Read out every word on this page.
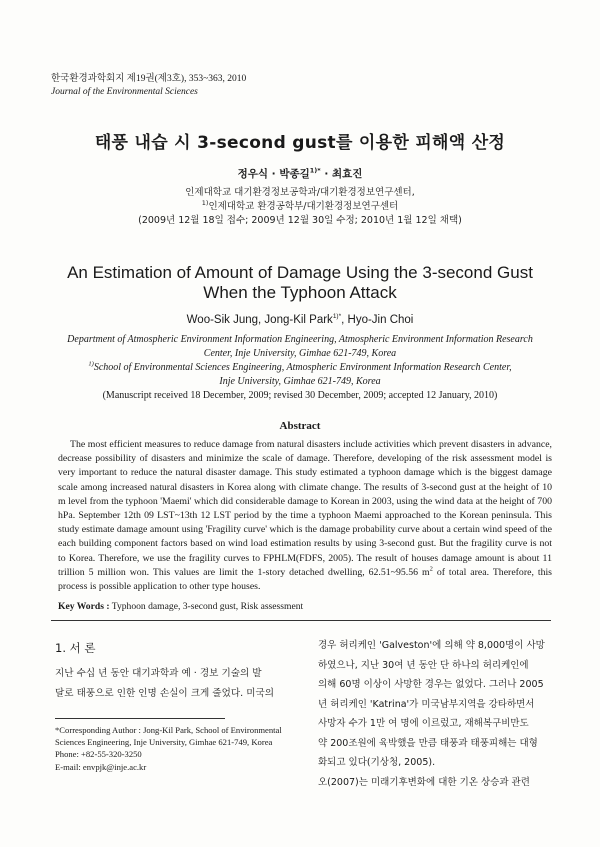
한국환경과학회지 제19권(제3호), 353~363, 2010
Journal of the Environmental Sciences
태풍 내습 시 3-second gust를 이용한 피해액 산정
정우식 · 박종길$^{1)*}$ · 최효진
인제대학교 대기환경정보공학과/대기환경정보연구센터,
$^{1)}$인제대학교 환경공학부/대기환경정보연구센터
(2009년 12월 18일 접수; 2009년 12월 30일 수정; 2010년 1월 12일 채택)
An Estimation of Amount of Damage Using the 3-second Gust
When the Typhoon Attack
Woo-Sik Jung, Jong-Kil Park$^{1)*}$, Hyo-Jin Choi
Department of Atmospheric Environment Information Engineering, Atmospheric Environment Information Research
Center, Inje University, Gimhae 621-749, Korea
$^{1)}$School of Environmental Sciences Engineering, Atmospheric Environment Information Research Center,
Inje University, Gimhae 621-749, Korea
(Manuscript received 18 December, 2009; revised 30 December, 2009; accepted 12 January, 2010)
Abstract
The most efficient measures to reduce damage from natural disasters include activities which prevent disasters in advance, decrease possibility of disasters and minimize the scale of damage. Therefore, developing of the risk assessment model is very important to reduce the natural disaster damage. This study estimated a typhoon damage which is the biggest damage scale among increased natural disasters in Korea along with climate change. The results of 3-second gust at the height of 10 m level from the typhoon 'Maemi' which did considerable damage to Korean in 2003, using the wind data at the height of 700 hPa. September 12th 09 LST~13th 12 LST period by the time a typhoon Maemi approached to the Korean peninsula. This study estimate damage amount using 'Fragility curve' which is the damage probability curve about a certain wind speed of the each building component factors based on wind load estimation results by using 3-second gust. But the fragility curve is not to Korea. Therefore, we use the fragility curves to FPHLM(FDFS, 2005). The result of houses damage amount is about 11 trillion 5 million won. This values are limit the 1-story detached dwelling, 62.51~95.56 $m^2$ of total area. Therefore, this process is possible application to other type houses.
Key Words : Typhoon damage, 3-second gust, Risk assessment
1. 서 론
지난 수십 년 동안 대기과학과 예 · 경보 기술의 발
달로 태풍으로 인한 인명 손실이 크게 줄었다. 미국의
*Corresponding Author : Jong-Kil Park, School of Environmental
Sciences Engineering, Inje University, Gimhae 621-749, Korea
Phone: +82-55-320-3250
E-mail: envpjk@inje.ac.kr
경우 허리케인 'Galveston'에 의해 약 8,000명이 사망
하였으나, 지난 30여 년 동안 단 하나의 허리케인에
의해 60명 이상이 사망한 경우는 없었다. 그러나 2005
년 허리케인 'Katrina'가 미국남부지역을 강타하면서
사망자 수가 1만 여 명에 이르렀고, 재해복구비만도
약 200조원에 육박했을 만큼 태풍과 태풍피해는 대형
화되고 있다(기상청, 2005).
오(2007)는 미래기후변화에 대한 기온 상승과 관련
